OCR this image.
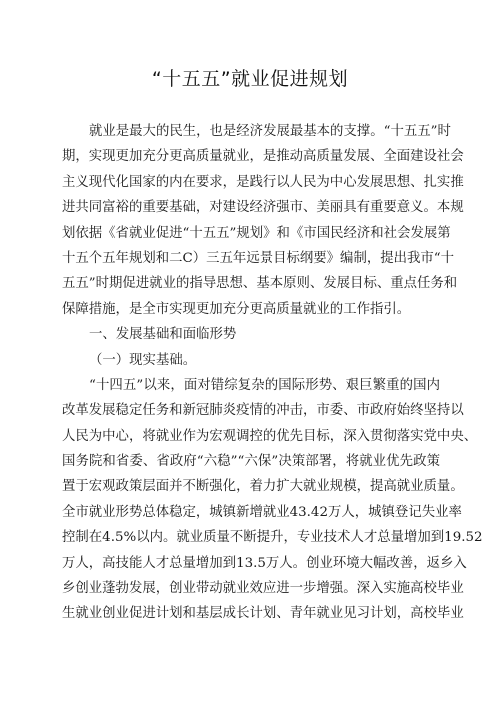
“十五五”就业促进规划
就业是最大的民生，也是经济发展最基本的支撑。“十五五”时
期，实现更加充分更高质量就业，是推动高质量发展、全面建设社会
主义现代化国家的内在要求，是践行以人民为中心发展思想、扎实推
进共同富裕的重要基础，对建设经济强市、美丽具有重要意义。本规
划依据《省就业促进“十五五”规划》和《市国民经济和社会发展第
十五个五年规划和二C）三五年远景目标纲要》编制，提出我市“十
五五”时期促进就业的指导思想、基本原则、发展目标、重点任务和
保障措施，是全市实现更加充分更高质量就业的工作指引。
一、发展基础和面临形势
（一）现实基础。
“十四五”以来，面对错综复杂的国际形势、艰巨繁重的国内
改革发展稳定任务和新冠肺炎疫情的冲击，市委、市政府始终坚持以
人民为中心，将就业作为宏观调控的优先目标，深入贯彻落实党中央、
国务院和省委、省政府“六稳”“六保”决策部署，将就业优先政策
置于宏观政策层面并不断强化，着力扩大就业规模，提高就业质量。
全市就业形势总体稳定，城镇新增就业43.42万人，城镇登记失业率
控制在4.5%以内。就业质量不断提升，专业技术人才总量增加到19.52
万人，高技能人才总量增加到13.5万人。创业环境大幅改善，返乡入
乡创业蓬勃发展，创业带动就业效应进一步增强。深入实施高校毕业
生就业创业促进计划和基层成长计划、青年就业见习计划，高校毕业
